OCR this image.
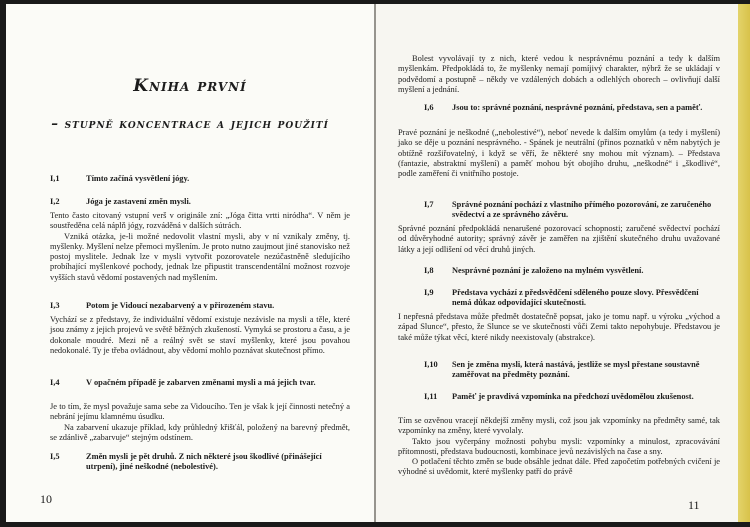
Kniha první
– stupně koncentrace a jejich použití
I,1	Tímto začíná vysvětlení jógy.
I,2	Jóga je zastavení změn mysli.

Tento často citovaný vstupní verš v originále zní: „Jóga čitta vrtti niródha“. V něm je soustředěna celá náplň jógy, rozváděná v dalších sútrách.

Vzniká otázka, je-li možné nedovolit vlastní mysli, aby v ní vznikaly změny, tj. myšlenky. Myšlení nelze přemoci myšlením. Je proto nutno zaujmout jiné stanovisko než postoj myslitele. Jednak lze v mysli vytvořit pozorovatele nezúčastněně sledujícího probíhající myšlenkové pochody, jednak lze připustit transcendentální možnost rozvoje vyšších stavů vědomí postavených nad myšlením.

I,3	Potom je Vidoucí nezabarvený a v přirozeném stavu.

Vychází se z představy, že individuální vědomí existuje nezávisle na mysli a těle, které jsou známy z jejich projevů ve světě běžných zkušeností. Vymyká se prostoru a času, a je dokonale moudré. Mezi ně a reálný svět se staví myšlenky, které jsou povahou nedokonalé. Ty je třeba ovládnout, aby vědomí mohlo poznávat skutečnost přímo.

I,4	V opačném případě je zabarven změnami mysli a má jejich tvar.

Je to tím, že mysl považuje sama sebe za Vidoucího. Ten je však k její činnosti netečný a nebrání jejímu klamnému úsudku.

Na zabarvení ukazuje příklad, kdy průhledný křišťál, položený na barevný předmět, se zdánlivě „zabarvuje“ stejným odstínem.

I,5	Změn mysli je pět druhů. Z nich některé jsou škodlivé (přinášející utrpení), jiné neškodné (nebolestivé).
10

Bolest vyvolávají ty z nich, které vedou k nesprávnému poznání a tedy k dalším myšlenkám. Předpokládá to, že myšlenky nemají pomíjivý charakter, nýbrž že se ukládají v podvědomí a postupně – někdy ve vzdálených dobách a odlehlých oborech – ovlivňují další myšlení a jednání.

I,6	Jsou to: správné poznání, nesprávné poznání, představa, sen a paměť.

Pravé poznání je neškodné („nebolestivé“), neboť nevede k dalším omylům (a tedy i myšlení) jako se děje u poznání nesprávného. - Spánek je neutrální (přinos poznatků v něm nabytých je obtížně rozšiřovatelný, i když se věří, že některé sny mohou mít význam). – Představa (fantazie, abstraktní myšlení) a paměť mohou být obojího druhu, „neškodné“ i „škodlivé“, podle zaměření či vnitřního postoje.

I,7	Správné poznání pochází z vlastního přímého pozorování, ze zaručeného svědectví a ze správného závěru.

Správné poznání předpokládá nenarušené pozorovací schopnosti; zaručené svědectví pochází od důvěryhodné autority; správný závěr je zaměřen na zjištění skutečného druhu uvažované látky a její odlišení od věcí druhů jiných.

I,8	Nesprávné poznání je založeno na mylném vysvětlení.
I,9	Představa vychází z předsvědčení sděleného pouze slovy. Přesvědčení nemá důkaz odpovídající skutečnosti.

I nepřesná představa může předmět dostatečně popsat, jako je tomu např. u výroku „východ a západ Slunce“, přesto, že Slunce se ve skutečnosti vůči Zemi takto nepohybuje. Představou je také může týkat věcí, které nikdy neexistovaly (abstrakce).

I,10	Sen je změna mysli, která nastává, jestliže se mysl přestane soustavně zaměřovat na předměty poznání.
I,11	Paměť je pravdivá vzpomínka na předchozí uvědomělou zkušenost.

Tím se ozvěnou vracejí někdejší změny mysli, což jsou jak vzpomínky na předměty samé, tak vzpomínky na změny, které vyvolaly.

Takto jsou vyčerpány možnosti pohybu mysli: vzpomínky a minulost, zpracovávání přítomnosti, představa budoucnosti, kombinace jevů nezávislých na čase a sny.

O potlačení těchto změn se bude obsáhle jednat dále. Před započetím potřebných cvičení je výhodné si uvědomit, které myšlenky patří do právě

11
